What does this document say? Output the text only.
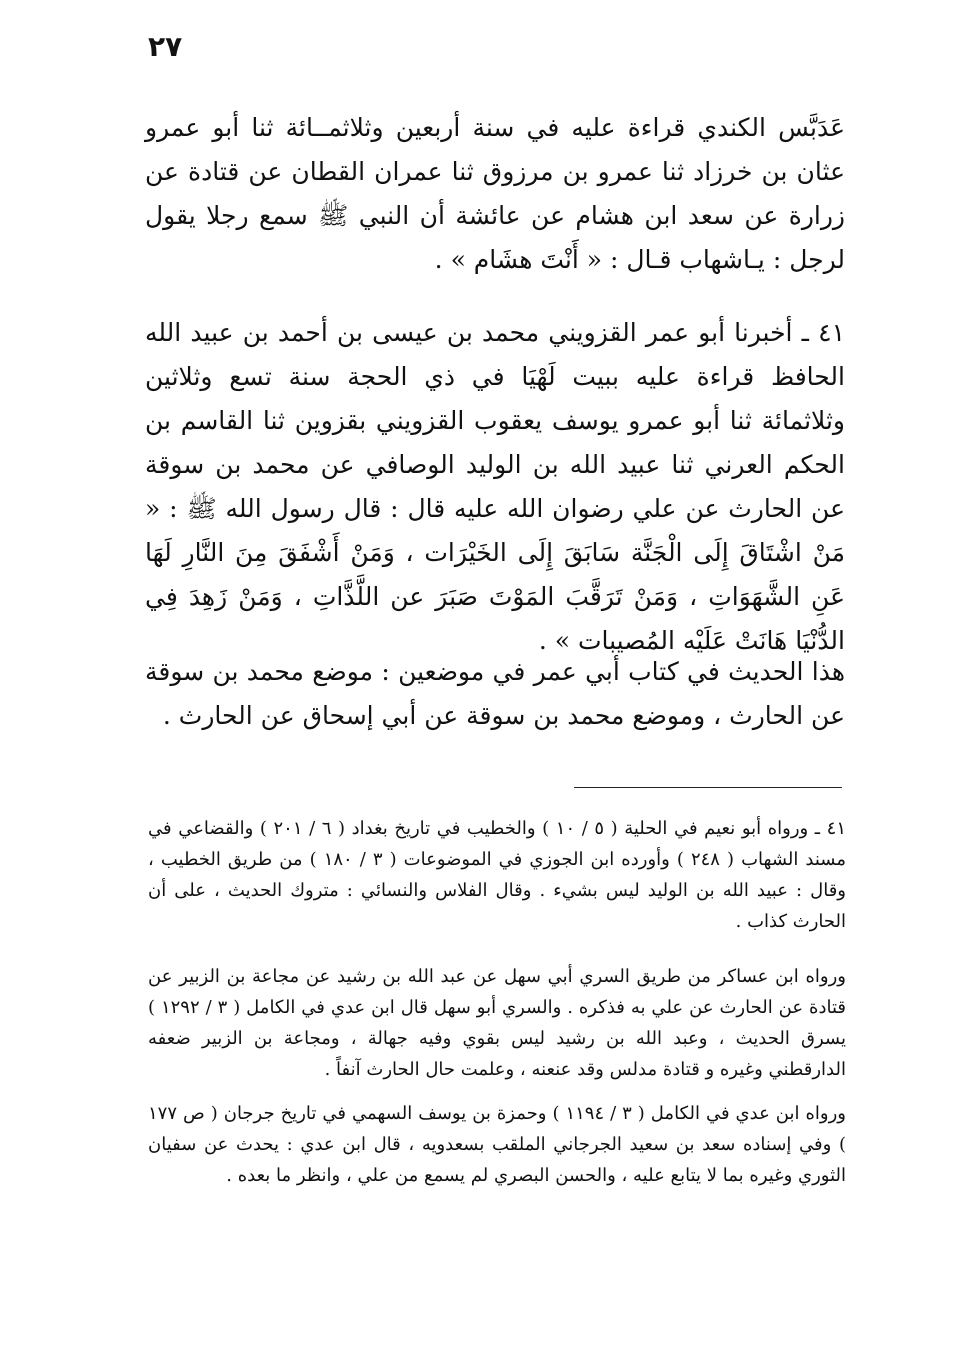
٢٧

عَدَبَّس الكندي قراءة عليه في سنة أربعين وثلاثمــائة ثنا أبو عمرو عثان بن خرزاد ثنا عمرو بن مرزوق ثنا عمران القطان عن قتادة عن زرارة عن سعد ابن هشام عن عائشة أن النبي ﷺ سمع رجلا يقول لرجل : يـاشهاب قـال : « أَنْتَ هشَام » .

٤١ ـ أخبرنا أبو عمر القزويني محمد بن عيسى بن أحمد بن عبيد الله الحافظ قراءة عليه ببيت لَهْيَا في ذي الحجة سنة تسع وثلاثين وثلاثمائة ثنا أبو عمرو يوسف يعقوب القزويني بقزوين ثنا القاسم بن الحكم العرني ثنا عبيد الله بن الوليد الوصافي عن محمد بن سوقة عن الحارث عن علي رضوان الله عليه قال : قال رسول الله ﷺ : « مَنْ اشْتَاقَ إِلَى الْجَنَّة سَابَقَ إِلَى الخَيْرَات ، وَمَنْ أَشْفَقَ مِنَ النَّارِ لَهَا عَنِ الشَّهَوَاتِ ، وَمَنْ تَرَقَّبَ المَوْتَ صَبَرَ عن اللَّذَّاتِ ، وَمَنْ زَهِدَ فِي الدُّنْيَا هَانَتْ عَلَيْه المُصيبات » .

هذا الحديث في كتاب أبي عمر في موضعين : موضع محمد بن سوقة عن الحارث ، وموضع محمد بن سوقة عن أبي إسحاق عن الحارث .

٤١ ـ ورواه أبو نعيم في الحلية ( ٥ / ١٠ ) والخطيب في تاريخ بغداد ( ٦ / ٢٠١ ) والقضاعي في مسند الشهاب ( ٢٤٨ ) وأورده ابن الجوزي في الموضوعات ( ٣ / ١٨٠ ) من طريق الخطيب ، وقال : عبيد الله بن الوليد ليس بشيء . وقال الفلاس والنسائي : متروك الحديث ، على أن الحارث كذاب .

ورواه ابن عساكر من طريق السري أبي سهل عن عبد الله بن رشيد عن مجاعة بن الزبير عن قتادة عن الحارث عن علي به فذكره . والسري أبو سهل قال ابن عدي في الكامل ( ٣ / ١٢٩٢ ) يسرق الحديث ، وعبد الله بن رشيد ليس بقوي وفيه جهالة ، ومجاعة بن الزبير ضعفه الدارقطني وغيره و قتادة مدلس وقد عنعنه ، وعلمت حال الحارث آنفاً .

ورواه ابن عدي في الكامل ( ٣ / ١١٩٤ ) وحمزة بن يوسف السهمي في تاريخ جرجان ( ص ١٧٧ ) وفي إسناده سعد بن سعيد الجرجاني الملقب بسعدويه ، قال ابن عدي : يحدث عن سفيان الثوري وغيره بما لا يتابع عليه ، والحسن البصري لم يسمع من علي ، وانظر ما بعده .
